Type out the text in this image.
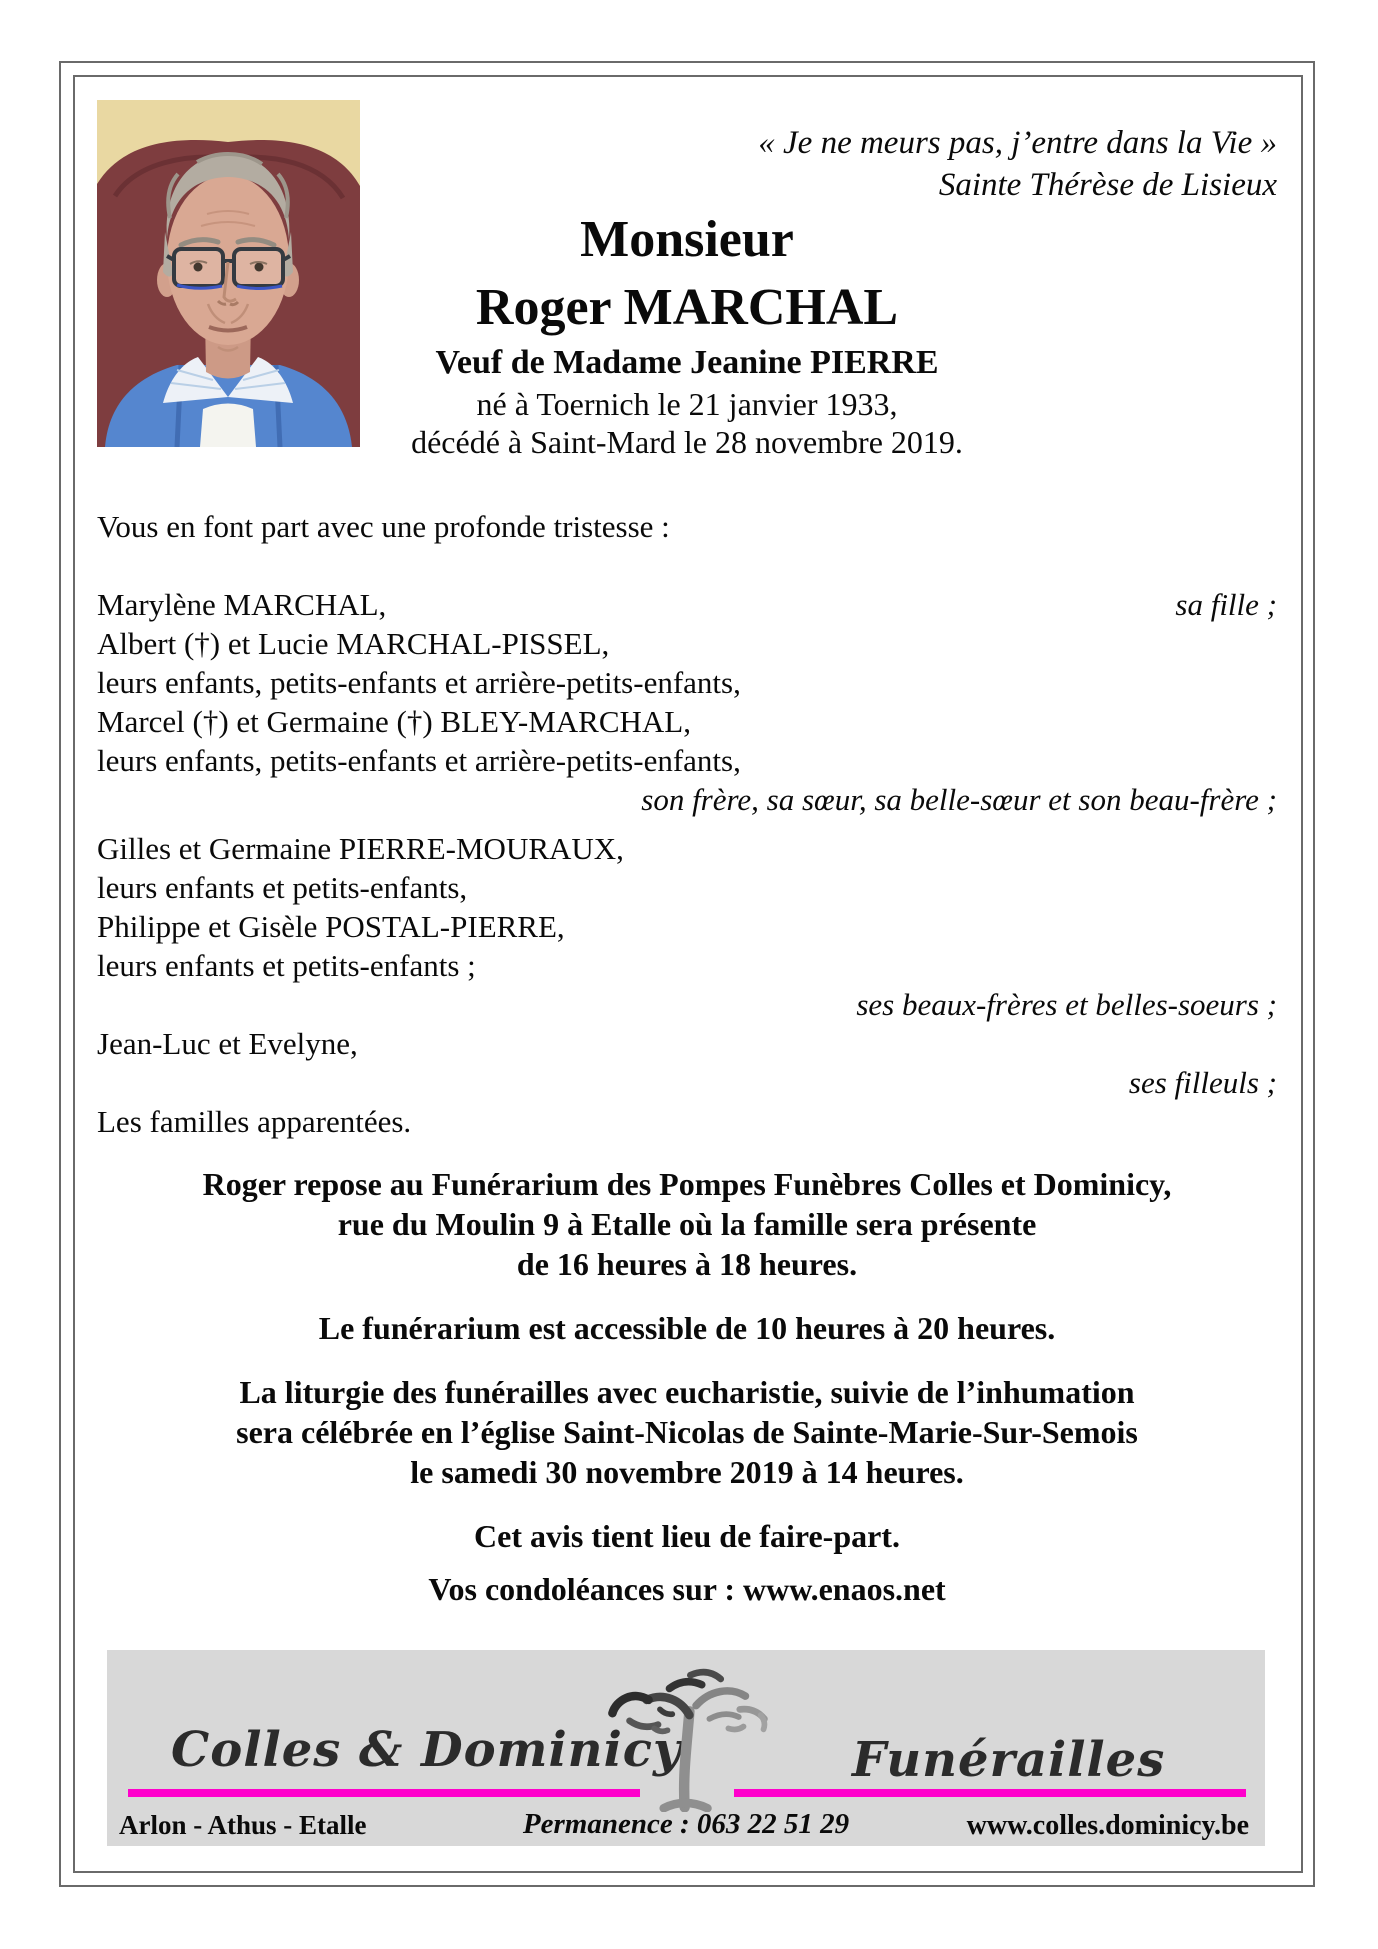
« Je ne meurs pas, j’entre dans la Vie »
Sainte Thérèse de Lisieux
Monsieur
Roger MARCHAL
Veuf de Madame Jeanine PIERRE
né à Toernich le 21 janvier 1933,
décédé à Saint-Mard le 28 novembre 2019.
Vous en font part avec une profonde tristesse :
Marylène MARCHAL,	sa fille ;
Albert (†) et Lucie MARCHAL-PISSEL,
leurs enfants, petits-enfants et arrière-petits-enfants,
Marcel (†) et Germaine (†) BLEY-MARCHAL,
leurs enfants, petits-enfants et arrière-petits-enfants,
son frère, sa sœur, sa belle-sœur et son beau-frère ;
Gilles et Germaine PIERRE-MOURAUX,
leurs enfants et petits-enfants,
Philippe et Gisèle POSTAL-PIERRE,
leurs enfants et petits-enfants ;
ses beaux-frères et belles-soeurs ;
Jean-Luc et Evelyne,
ses filleuls ;
Les familles apparentées.
Roger repose au Funérarium des Pompes Funèbres Colles et Dominicy,
rue du Moulin 9 à Etalle où la famille sera présente
de 16 heures à 18 heures.
Le funérarium est accessible de 10 heures à 20 heures.
La liturgie des funérailles avec eucharistie, suivie de l’inhumation
sera célébrée en l’église Saint-Nicolas de Sainte-Marie-Sur-Semois
le samedi 30 novembre 2019 à 14 heures.
Cet avis tient lieu de faire-part.
Vos condoléances sur : www.enaos.net
Colles & Dominicy	Funérailles
Arlon - Athus - Etalle	Permanence : 063 22 51 29	www.colles.dominicy.be
